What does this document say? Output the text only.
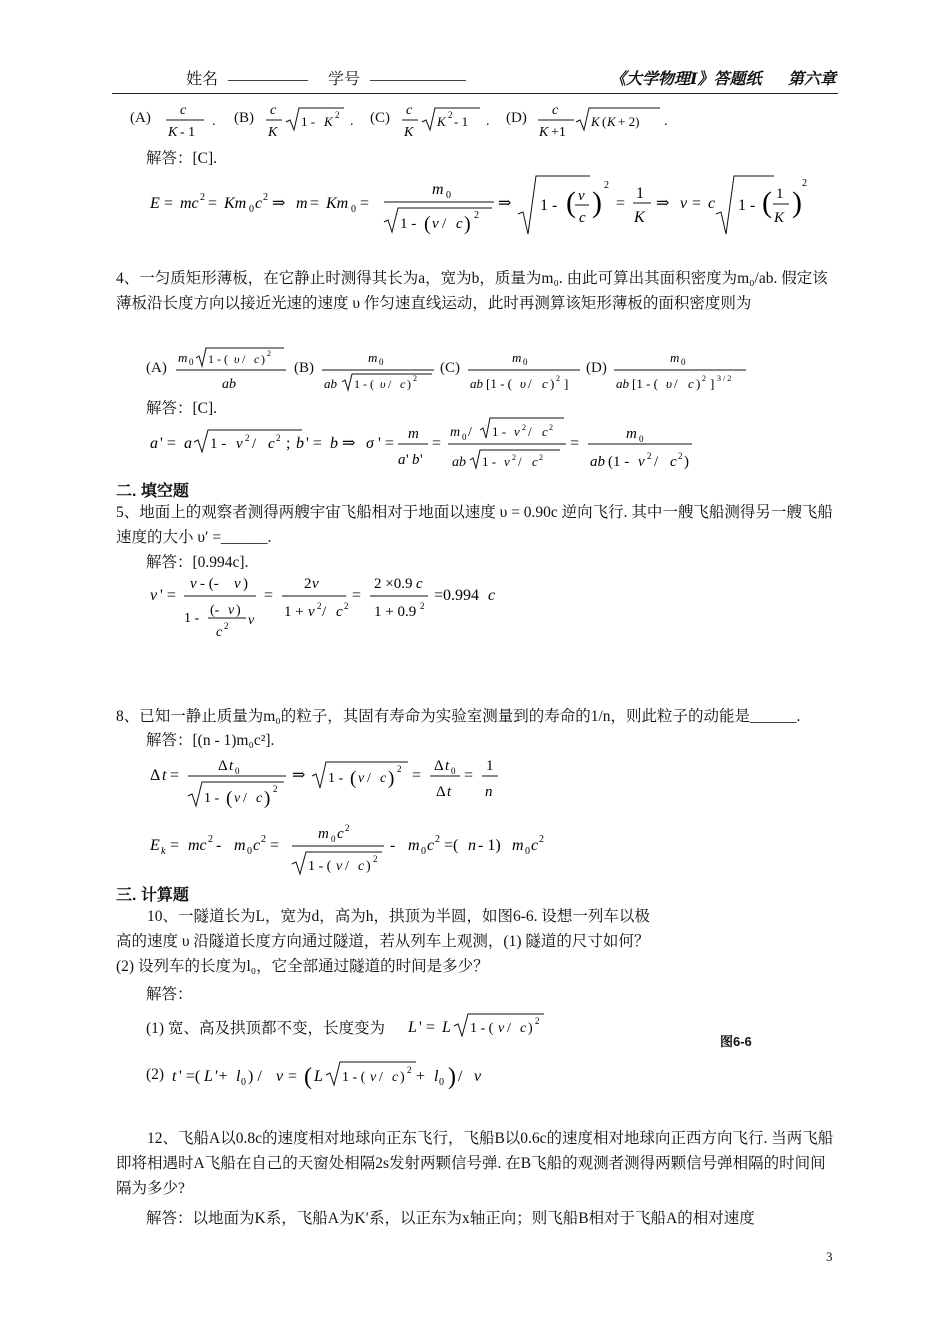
姓名 __________ 学号 ____________	《大学物理Ⅰ》答题纸 第六章
(A) c
K - 1
. (B) c
K
1 - K 2 . (C) c
K
K 2 - 1 . (D) c
K +1
K ( K + 2) .
解答：[C].
E = mc 2 = Km 0 c 2 ⇒ m = Km 0 =
m 0
1 - ( v / c ) 2
⇒ 1 - ( v
c )
2
=
1
K
⇒ v = c 1 - ( 1
K )
2
4、一匀质矩形薄板，在它静止时测得其长为a，宽为b，质量为m₀. 由此可算出其面积密度为m₀/ab. 假定该薄板沿长度方向以接近光速的速度 υ 作匀速直线运动，此时再测算该矩形薄板的面积密度则为
(A)
m 0 1 - ( υ / c ) 2
ab
(B)
m 0
ab 1 - ( υ / c ) 2
(C)
m 0
ab [1 - ( υ / c ) 2 ]
(D)
m 0
ab [1 - ( υ / c ) 2 ] 3 / 2
解答：[C].
a ' = a 1 - v 2 / c 2 ; b ' = b ⇒ σ ' =
m
a ' b '
=
m 0 / 1 - v 2 / c 2
ab 1 - v 2 / c 2
=
m 0
ab (1 - v 2 / c 2 )
二. 填空题
5、地面上的观察者测得两艘宇宙飞船相对于地面以速度 υ = 0.90c 逆向飞行. 其中一艘飞船测得另一艘飞船速度的大小 υ′ =______.
解答：[0.994c].
v ' =
v - (- v )
1 -
(- v )
c 2 v
=
2 v
1 + v 2 / c 2
=
2 ×0.9 c
1 + 0.9 2
=0.994 c
8、已知一静止质量为m₀的粒子，其固有寿命为实验室测量到的寿命的1/n，则此粒子的动能是______.
解答：[(n - 1)m₀c²].
Δ t =
Δ t 0
1 - ( v / c ) 2
⇒ 1 - ( v / c ) 2 =
Δ t 0
Δ t
=
1
n
E k = mc 2 - m 0 c 2 =
m 0 c 2
1 - ( v / c ) 2
- m 0 c 2 =( n - 1) m 0 c 2
三. 计算题
10、一隧道长为L，宽为d，高为h，拱顶为半圆，如图6-6. 设想一列车以极高的速度 υ 沿隧道长度方向通过隧道，若从列车上观测，(1) 隧道的尺寸如何？(2) 设列车的长度为l₀，它全部通过隧道的时间是多少？
解答：
(1) 宽、高及拱顶都不变，长度变为 L ' = L 1 - ( v / c ) 2
图6-6
(2) t ' =( L ′+ l 0 ) / v = ( L 1 - ( v / c ) 2 + l 0 ) / v
12、飞船A以0.8c的速度相对地球向正东飞行，飞船B以0.6c的速度相对地球向正西方向飞行. 当两飞船即将相遇时A飞船在自己的天窗处相隔2s发射两颗信号弹. 在B飞船的观测者测得两颗信号弹相隔的时间间隔为多少?
解答：以地面为K系，飞船A为K′系，以正东为x轴正向；则飞船B相对于飞船A的相对速度
3
